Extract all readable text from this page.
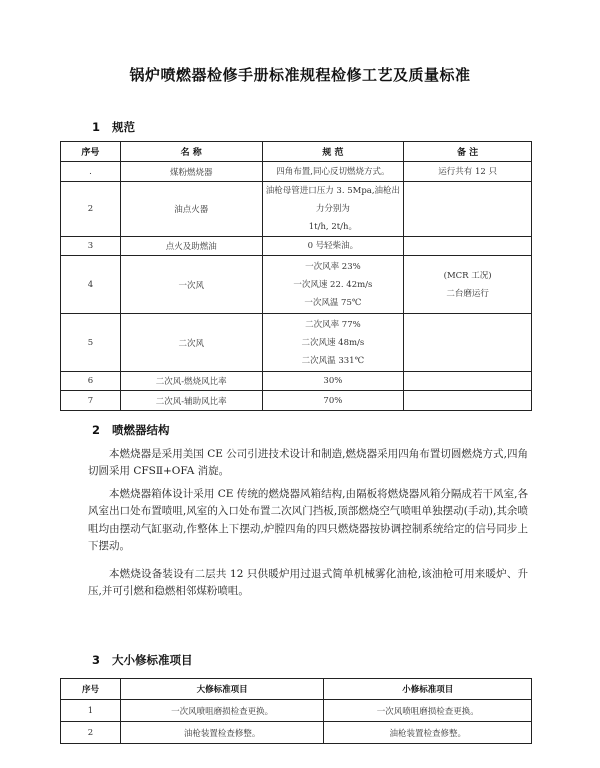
锅炉喷燃器检修手册标准规程检修工艺及质量标准
1 规范
序号	名 称	规 范	备 注
.	煤粉燃烧器	四角布置,同心反切燃烧方式。	运行共有 12 只

2	油点火器	油枪母管进口压力 3. 5Mpa,油枪出力分别为
1t/h, 2t/h。	

3	点火及助燃油	0 号轻柴油。	

4	一次风	一次风率 23%
一次风速 22. 42m/s
一次风温 75℃	(MCR 工况)
二台磨运行

5	二次风	二次风率 77%
二次风速 48m/s
二次风温 331℃	

6	二次风-燃烧风比率	30%	

7	二次风-辅助风比率	70%	

2 喷燃器结构

本燃烧器是采用美国 CE 公司引进技术设计和制造,燃烧器采用四角布置切圆燃烧方式,四角切圆采用 CFSⅡ+OFA 消旋。

本燃烧器箱体设计采用 CE 传统的燃烧器风箱结构,由隔板将燃烧器风箱分隔成若干风室,各风室出口处布置喷咀,风室的入口处布置二次风门挡板,顶部燃烧空气喷咀单独摆动(手动),其余喷咀均由摆动气缸驱动,作整体上下摆动,炉膛四角的四只燃烧器按协调控制系统给定的信号同步上下摆动。

本燃烧设备装设有二层共 12 只供暖炉用过退式简单机械雾化油枪,该油枪可用来暖炉、升压,并可引燃和稳燃相邻煤粉喷咀。

3 大小修标准项目
序号	大修标准项目	小修标准项目
1	一次风喷咀磨损检查更换。	一次风喷咀磨损检查更换。
2	油枪装置检查修整。	油枪装置检查修整。
